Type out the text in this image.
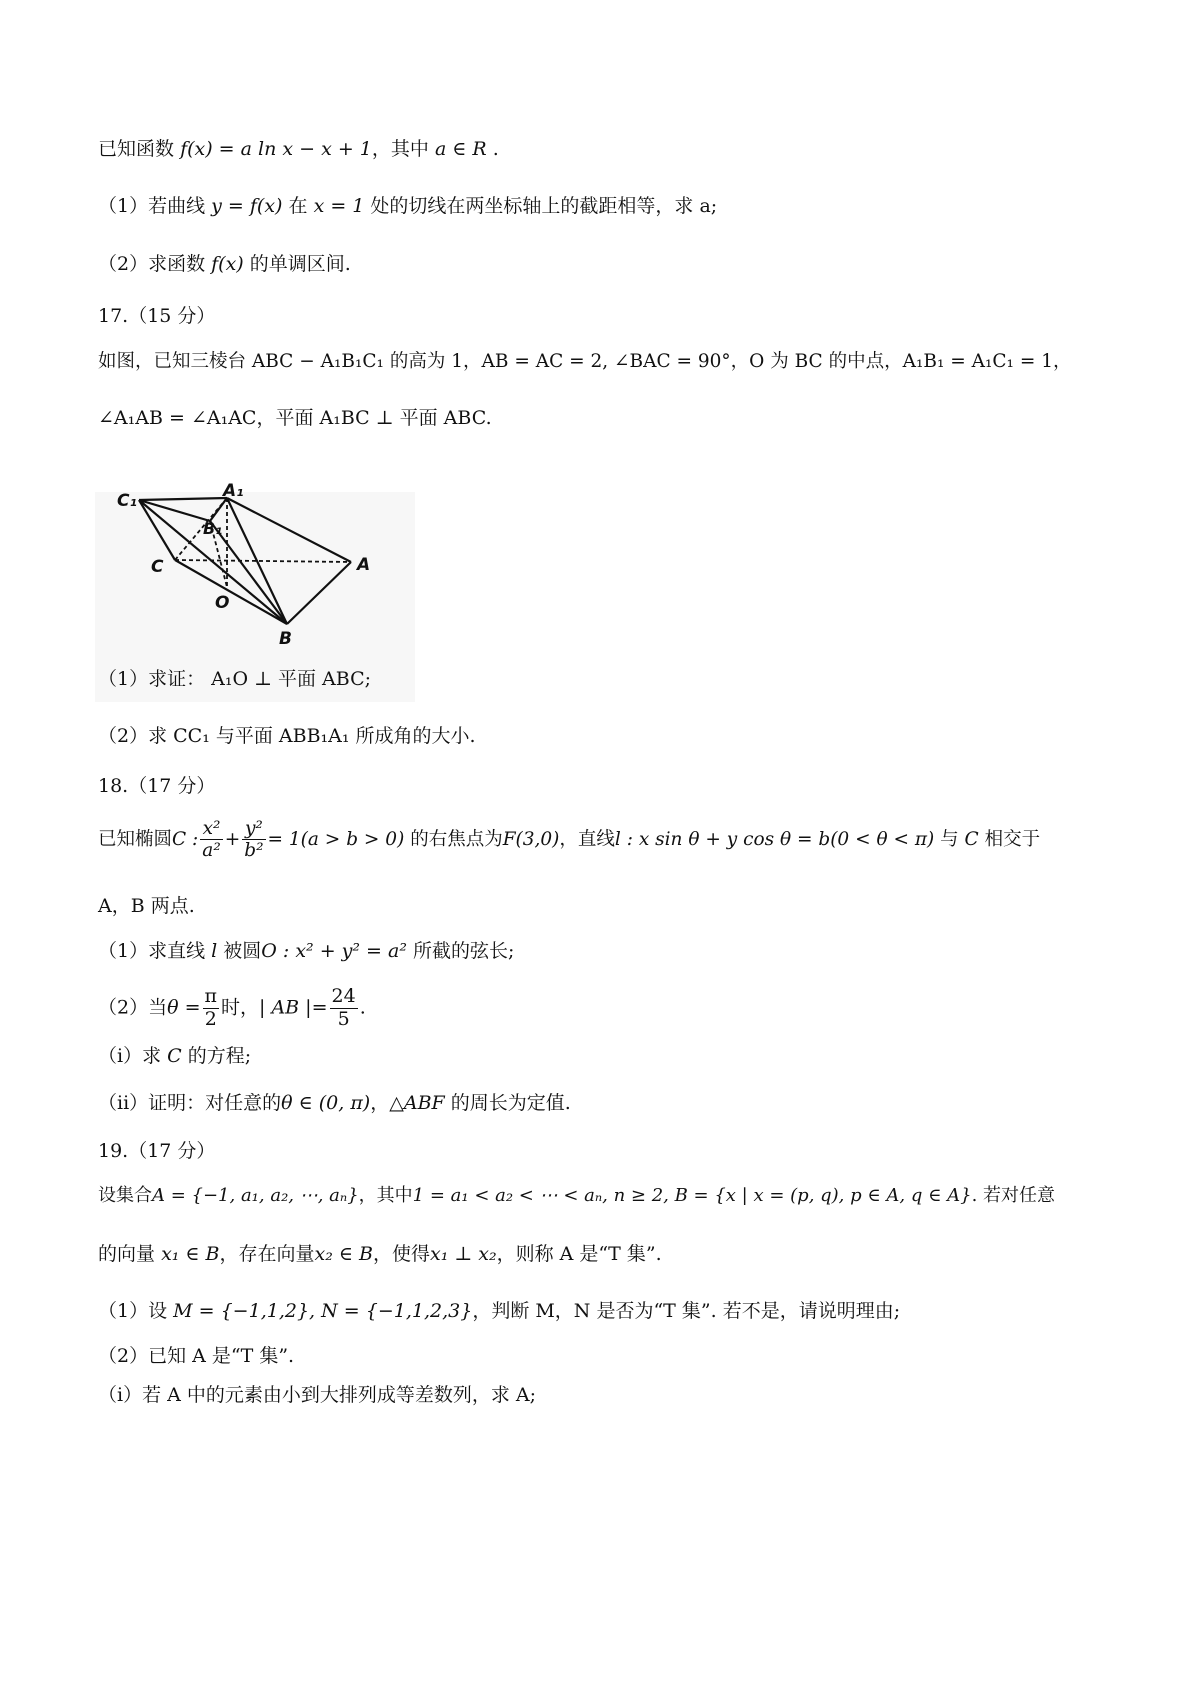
已知函数 f(x) = a ln x − x + 1，其中 a ∈ R .
（1）若曲线 y = f(x) 在 x = 1 处的切线在两坐标轴上的截距相等，求 a;
（2）求函数 f(x) 的单调区间.
17.（15 分）
如图，已知三棱台 ABC − A₁B₁C₁ 的高为 1，AB = AC = 2, ∠BAC = 90°，O 为 BC 的中点，A₁B₁ = A₁C₁ = 1，
∠A₁AB = ∠A₁AC，平面 A₁BC ⊥ 平面 ABC.
C₁	A₁
B₁
C	A
O
B
（1）求证： A₁O ⊥ 平面 ABC;
（2）求 CC₁ 与平面 ABB₁A₁ 所成角的大小.
18.（17 分）
已知椭圆C : $\frac{\text{x²}}{\text{a²}} + \frac{\text{y²}}{\text{b²}} = 1(a > b > 0)$ 的右焦点为F(3,0)，直线l : x sin θ + y cos θ = b(0 < θ < π) 与 C 相交于
A，B 两点.
（1）求直线 l 被圆O : x² + y² = a² 所截的弦长;
（2）当$\theta = \frac{\pi}{2}$ 时，| AB |= $\frac{24}{5}$ .
（i）求 C 的方程;
（ii）证明：对任意的θ ∈ (0, π)，△ABF 的周长为定值.
19.（17 分）
设集合A = {−1, a₁, a₂, ⋯, aₙ}，其中1 = a₁ < a₂ < ⋯ < aₙ, n ≥ 2, B = {x | x = (p, q), p ∈ A, q ∈ A}. 若对任意
的向量 x₁ ∈ B，存在向量x₂ ∈ B，使得x₁ ⊥ x₂，则称 A 是“T 集”.
（1）设 M = {−1,1,2}, N = {−1,1,2,3}，判断 M，N 是否为“T 集”. 若不是，请说明理由;
（2）已知 A 是“T 集”.
（i）若 A 中的元素由小到大排列成等差数列，求 A;
